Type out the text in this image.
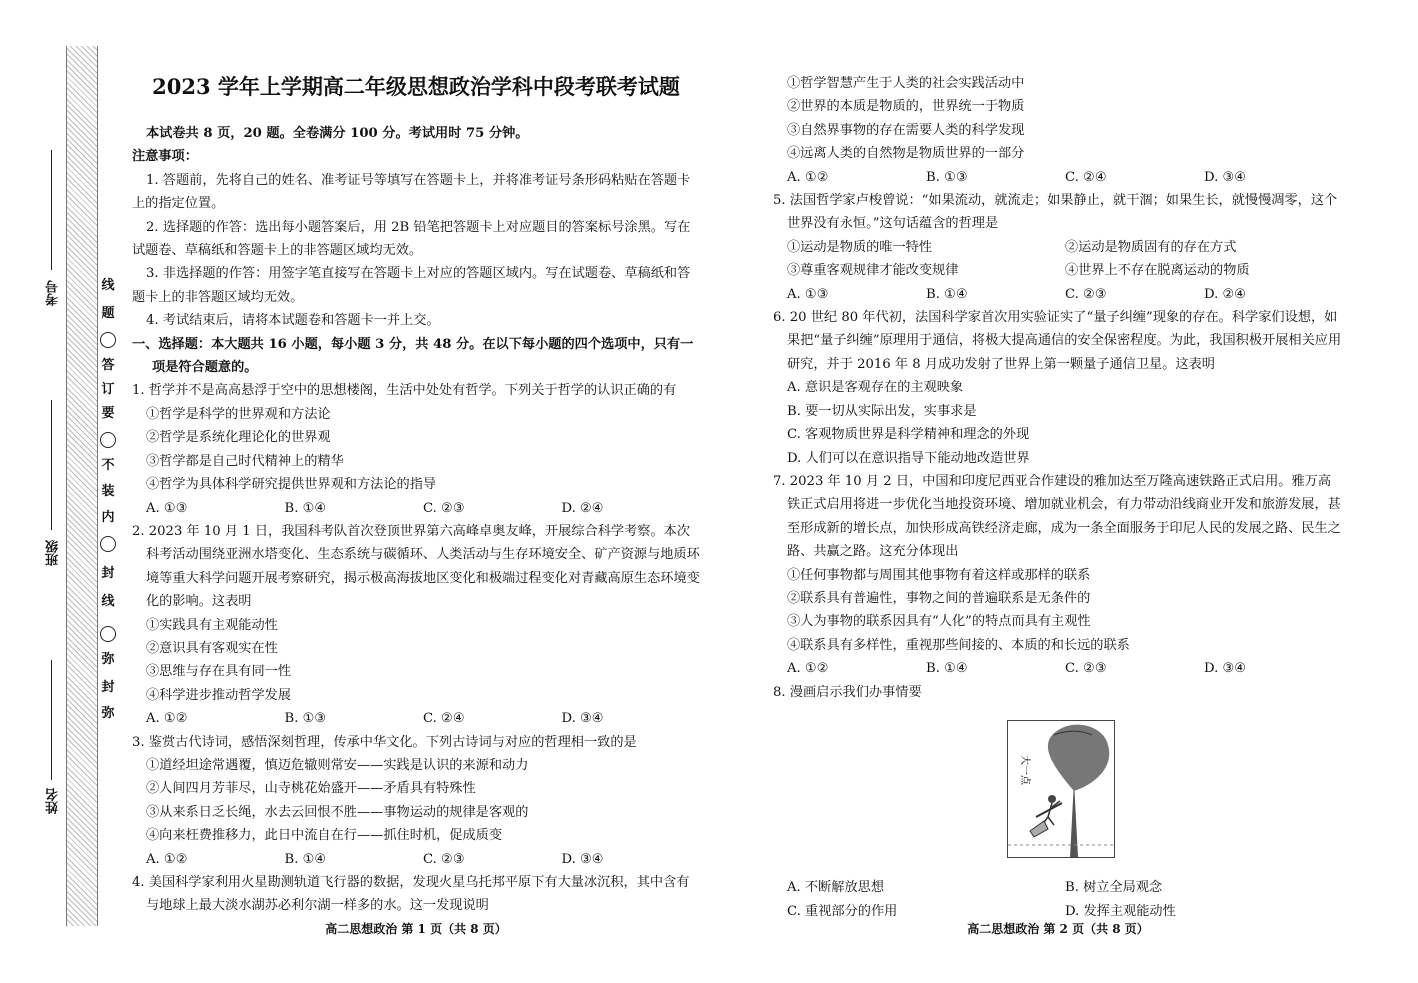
考号
班级
姓名
线
题
答
订
要
不
装
内
封
线
弥
封
弥
2023 学年上学期高二年级思想政治学科中段考联考试题

本试卷共 8 页，20 题。全卷满分 100 分。考试用时 75 分钟。

注意事项：

1. 答题前，先将自己的姓名、准考证号等填写在答题卡上，并将准考证号条形码粘贴在答题卡上的指定位置。

2. 选择题的作答：选出每小题答案后，用 2B 铅笔把答题卡上对应题目的答案标号涂黑。写在试题卷、草稿纸和答题卡上的非答题区域均无效。

3. 非选择题的作答：用签字笔直接写在答题卡上对应的答题区域内。写在试题卷、草稿纸和答题卡上的非答题区域均无效。

4. 考试结束后，请将本试题卷和答题卡一并上交。

一、选择题：本大题共 16 小题，每小题 3 分，共 48 分。在以下每小题的四个选项中，只有一项是符合题意的。

1. 哲学并不是高高悬浮于空中的思想楼阁，生活中处处有哲学。下列关于哲学的认识正确的有

①哲学是科学的世界观和方法论

②哲学是系统化理论化的世界观

③哲学都是自己时代精神上的精华

④哲学为具体科学研究提供世界观和方法论的指导

A. ①③	B. ①④	C. ②③	D. ②④

2. 2023 年 10 月 1 日，我国科考队首次登顶世界第六高峰卓奥友峰，开展综合科学考察。本次科考活动围绕亚洲水塔变化、生态系统与碳循环、人类活动与生存环境安全、矿产资源与地质环境等重大科学问题开展考察研究，揭示极高海拔地区变化和极端过程变化对青藏高原生态环境变化的影响。这表明

①实践具有主观能动性

②意识具有客观实在性

③思维与存在具有同一性

④科学进步推动哲学发展

A. ①②	B. ①③	C. ②④	D. ③④

3. 鉴赏古代诗词，感悟深刻哲理，传承中华文化。下列古诗词与对应的哲理相一致的是

①道经坦途常遇覆，慎迈危辙则常安——实践是认识的来源和动力

②人间四月芳菲尽，山寺桃花始盛开——矛盾具有特殊性

③从来系日乏长绳，水去云回恨不胜——事物运动的规律是客观的

④向来枉费推移力，此日中流自在行——抓住时机，促成质变

A. ①②	B. ①④	C. ②③	D. ③④

4. 美国科学家利用火星勘测轨道飞行器的数据，发现火星乌托邦平原下有大量冰沉积，其中含有与地球上最大淡水湖苏必利尔湖一样多的水。这一发现说明

高二思想政治 第 1 页（共 8 页）

①哲学智慧产生于人类的社会实践活动中

②世界的本质是物质的，世界统一于物质

③自然界事物的存在需要人类的科学发现

④远离人类的自然物是物质世界的一部分

A. ①②	B. ①③	C. ②④	D. ③④

5. 法国哲学家卢梭曾说：“如果流动，就流走；如果静止，就干涸；如果生长，就慢慢凋零，这个世界没有永恒。”这句话蕴含的哲理是

①运动是物质的唯一特性	②运动是物质固有的存在方式
③尊重客观规律才能改变规律	④世界上不存在脱离运动的物质
A. ①③	B. ①④	C. ②③	D. ②④

6. 20 世纪 80 年代初，法国科学家首次用实验证实了“量子纠缠”现象的存在。科学家们设想，如果把“量子纠缠”原理用于通信，将极大提高通信的安全保密程度。为此，我国积极开展相关应用研究，并于 2016 年 8 月成功发射了世界上第一颗量子通信卫星。这表明

A. 意识是客观存在的主观映象

B. 要一切从实际出发，实事求是

C. 客观物质世界是科学精神和理念的外现

D. 人们可以在意识指导下能动地改造世界

7. 2023 年 10 月 2 日，中国和印度尼西亚合作建设的雅加达至万隆高速铁路正式启用。雅万高铁正式启用将进一步优化当地投资环境、增加就业机会，有力带动沿线商业开发和旅游发展，甚至形成新的增长点，加快形成高铁经济走廊，成为一条全面服务于印尼人民的发展之路、民生之路、共赢之路。这充分体现出

①任何事物都与周围其他事物有着这样或那样的联系

②联系具有普遍性，事物之间的普遍联系是无条件的

③人为事物的联系因具有“人化”的特点而具有主观性

④联系具有多样性，重视那些间接的、本质的和长远的联系

A. ①②	B. ①④	C. ②③	D. ③④

8. 漫画启示我们办事情要

大一点
A. 不断解放思想	B. 树立全局观念
C. 重视部分的作用	D. 发挥主观能动性
高二思想政治 第 2 页（共 8 页）
